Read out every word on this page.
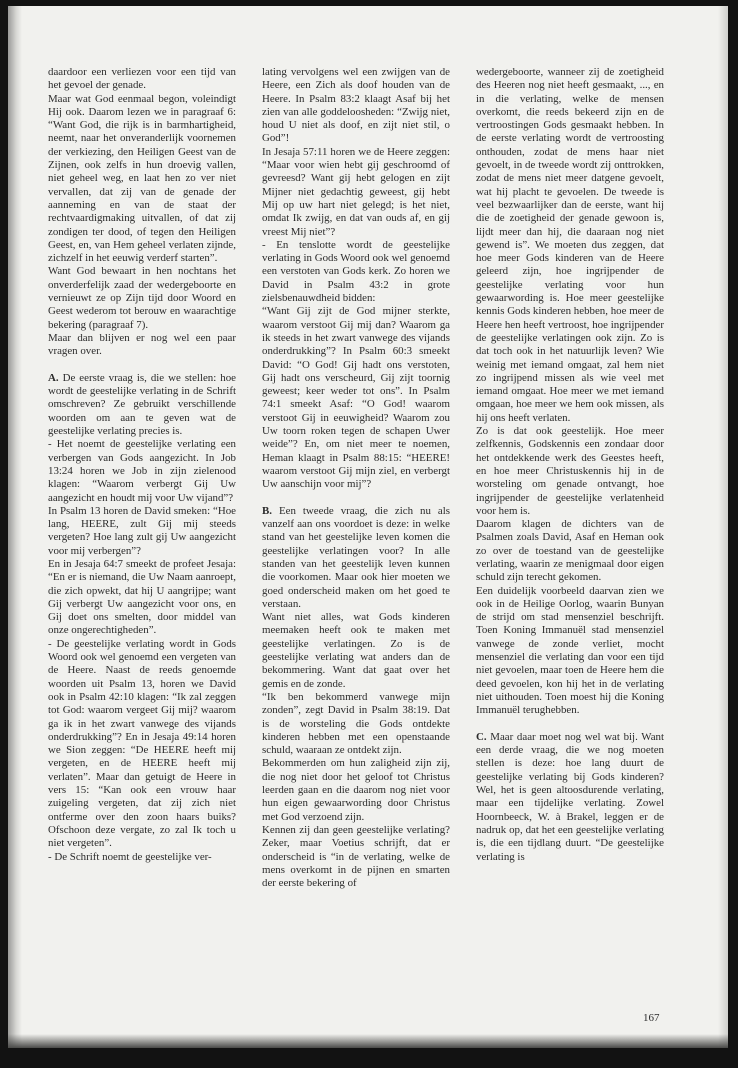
daardoor een verliezen voor een tijd van het gevoel der genade.

Maar wat God eenmaal begon, voleindigt Hij ook. Daarom lezen we in paragraaf 6: “Want God, die rijk is in barmhartigheid, neemt, naar het onveranderlijk voornemen der verkiezing, den Heiligen Geest van de Zijnen, ook zelfs in hun droevig vallen, niet geheel weg, en laat hen zo ver niet vervallen, dat zij van de genade der aanneming en van de staat der rechtvaardigmaking uitvallen, of dat zij zondigen ter dood, of tegen den Heiligen Geest, en, van Hem geheel verlaten zijnde, zichzelf in het eeuwig verderf starten”.

Want God bewaart in hen nochtans het onverderfelijk zaad der wedergeboorte en vernieuwt ze op Zijn tijd door Woord en Geest wederom tot berouw en waarachtige bekering (paragraaf 7).

Maar dan blijven er nog wel een paar vragen over.

A. De eerste vraag is, die we stellen: hoe wordt de geestelijke verlating in de Schrift omschreven? Ze gebruikt verschillende woorden om aan te geven wat de geestelijke verlating precies is.

- Het noemt de geestelijke verlating een verbergen van Gods aangezicht. In Job 13:24 horen we Job in zijn zielenood klagen: “Waarom verbergt Gij Uw aangezicht en houdt mij voor Uw vijand”?

In Psalm 13 horen de David smeken: “Hoe lang, HEERE, zult Gij mij steeds vergeten? Hoe lang zult gij Uw aangezicht voor mij verbergen”?

En in Jesaja 64:7 smeekt de profeet Jesaja: “En er is niemand, die Uw Naam aanroept, die zich opwekt, dat hij U aangrijpe; want Gij verbergt Uw aangezicht voor ons, en Gij doet ons smelten, door middel van onze ongerechtigheden”.

- De geestelijke verlating wordt in Gods Woord ook wel genoemd een vergeten van de Heere. Naast de reeds genoemde woorden uit Psalm 13, horen we David ook in Psalm 42:10 klagen: “Ik zal zeggen tot God: waarom vergeet Gij mij? waarom ga ik in het zwart vanwege des vijands onderdrukking”? En in Jesaja 49:14 horen we Sion zeggen: “De HEERE heeft mij vergeten, en de HEERE heeft mij verlaten”. Maar dan getuigt de Heere in vers 15: “Kan ook een vrouw haar zuigeling vergeten, dat zij zich niet ontferme over den zoon haars buiks? Ofschoon deze vergate, zo zal Ik toch u niet vergeten”.

- De Schrift noemt de geestelijke ver-

lating vervolgens wel een zwijgen van de Heere, een Zich als doof houden van de Heere. In Psalm 83:2 klaagt Asaf bij het zien van alle goddeloosheden: “Zwijg niet, houd U niet als doof, en zijt niet stil, o God”!

In Jesaja 57:11 horen we de Heere zeggen: “Maar voor wien hebt gij geschroomd of gevreesd? Want gij hebt gelogen en zijt Mijner niet gedachtig geweest, gij hebt Mij op uw hart niet gelegd; is het niet, omdat Ik zwijg, en dat van ouds af, en gij vreest Mij niet”?

- En tenslotte wordt de geestelijke verlating in Gods Woord ook wel genoemd een verstoten van Gods kerk. Zo horen we David in Psalm 43:2 in grote zielsbenauwdheid bidden:

“Want Gij zijt de God mijner sterkte, waarom verstoot Gij mij dan? Waarom ga ik steeds in het zwart vanwege des vijands onderdrukking”? In Psalm 60:3 smeekt David: “O God! Gij hadt ons verstoten, Gij hadt ons verscheurd, Gij zijt toornig geweest; keer weder tot ons”. In Psalm 74:1 smeekt Asaf: “O God! waarom verstoot Gij in eeuwigheid? Waarom zou Uw toorn roken tegen de schapen Uwer weide”? En, om niet meer te noemen, Heman klaagt in Psalm 88:15: “HEERE! waarom verstoot Gij mijn ziel, en verbergt Uw aanschijn voor mij”?

B. Een tweede vraag, die zich nu als vanzelf aan ons voordoet is deze: in welke stand van het geestelijke leven komen die geestelijke verlatingen voor? In alle standen van het geestelijk leven kunnen die voorkomen. Maar ook hier moeten we goed onderscheid maken om het goed te verstaan.

Want niet alles, wat Gods kinderen meemaken heeft ook te maken met geestelijke verlatingen. Zo is de geestelijke verlating wat anders dan de bekommering. Want dat gaat over het gemis en de zonde.

“Ik ben bekommerd vanwege mijn zonden”, zegt David in Psalm 38:19. Dat is de worsteling die Gods ontdekte kinderen hebben met een openstaande schuld, waaraan ze ontdekt zijn.

Bekommerden om hun zaligheid zijn zij, die nog niet door het geloof tot Christus leerden gaan en die daarom nog niet voor hun eigen gewaarwording door Christus met God verzoend zijn.

Kennen zij dan geen geestelijke verlating? Zeker, maar Voetius schrijft, dat er onderscheid is “in de verlating, welke de mens overkomt in de pijnen en smarten der eerste bekering of

wedergeboorte, wanneer zij de zoetigheid des Heeren nog niet heeft gesmaakt, ..., en in die verlating, welke de mensen overkomt, die reeds bekeerd zijn en de vertroostingen Gods gesmaakt hebben. In de eerste verlating wordt de vertroosting onthouden, zodat de mens haar niet gevoelt, in de tweede wordt zij onttrokken, zodat de mens niet meer datgene gevoelt, wat hij placht te gevoelen. De tweede is veel bezwaarlijker dan de eerste, want hij die de zoetigheid der genade gewoon is, lijdt meer dan hij, die daaraan nog niet gewend is”. We moeten dus zeggen, dat hoe meer Gods kinderen van de Heere geleerd zijn, hoe ingrijpender de geestelijke verlating voor hun gewaarwording is. Hoe meer geestelijke kennis Gods kinderen hebben, hoe meer de Heere hen heeft vertroost, hoe ingrijpender de geestelijke verlatingen ook zijn. Zo is dat toch ook in het natuurlijk leven? Wie weinig met iemand omgaat, zal hem niet zo ingrijpend missen als wie veel met iemand omgaat. Hoe meer we met iemand omgaan, hoe meer we hem ook missen, als hij ons heeft verlaten.

Zo is dat ook geestelijk. Hoe meer zelfkennis, Godskennis een zondaar door het ontdekkende werk des Geestes heeft, en hoe meer Christuskennis hij in de worsteling om genade ontvangt, hoe ingrijpender de geestelijke verlatenheid voor hem is.

Daarom klagen de dichters van de Psalmen zoals David, Asaf en Heman ook zo over de toestand van de geestelijke verlating, waarin ze menigmaal door eigen schuld zijn terecht gekomen.

Een duidelijk voorbeeld daarvan zien we ook in de Heilige Oorlog, waarin Bunyan de strijd om stad mensenziel beschrijft. Toen Koning Immanuël stad mensenziel vanwege de zonde verliet, mocht mensenziel die verlating dan voor een tijd niet gevoelen, maar toen de Heere hem die deed gevoelen, kon hij het in de verlating niet uithouden. Toen moest hij die Koning Immanuël terughebben.

C. Maar daar moet nog wel wat bij. Want een derde vraag, die we nog moeten stellen is deze: hoe lang duurt de geestelijke verlating bij Gods kinderen? Wel, het is geen altoosdurende verlating, maar een tijdelijke verlating. Zowel Hoornbeeck, W. à Brakel, leggen er de nadruk op, dat het een geestelijke verlating is, die een tijdlang duurt. “De geestelijke verlating is

167
